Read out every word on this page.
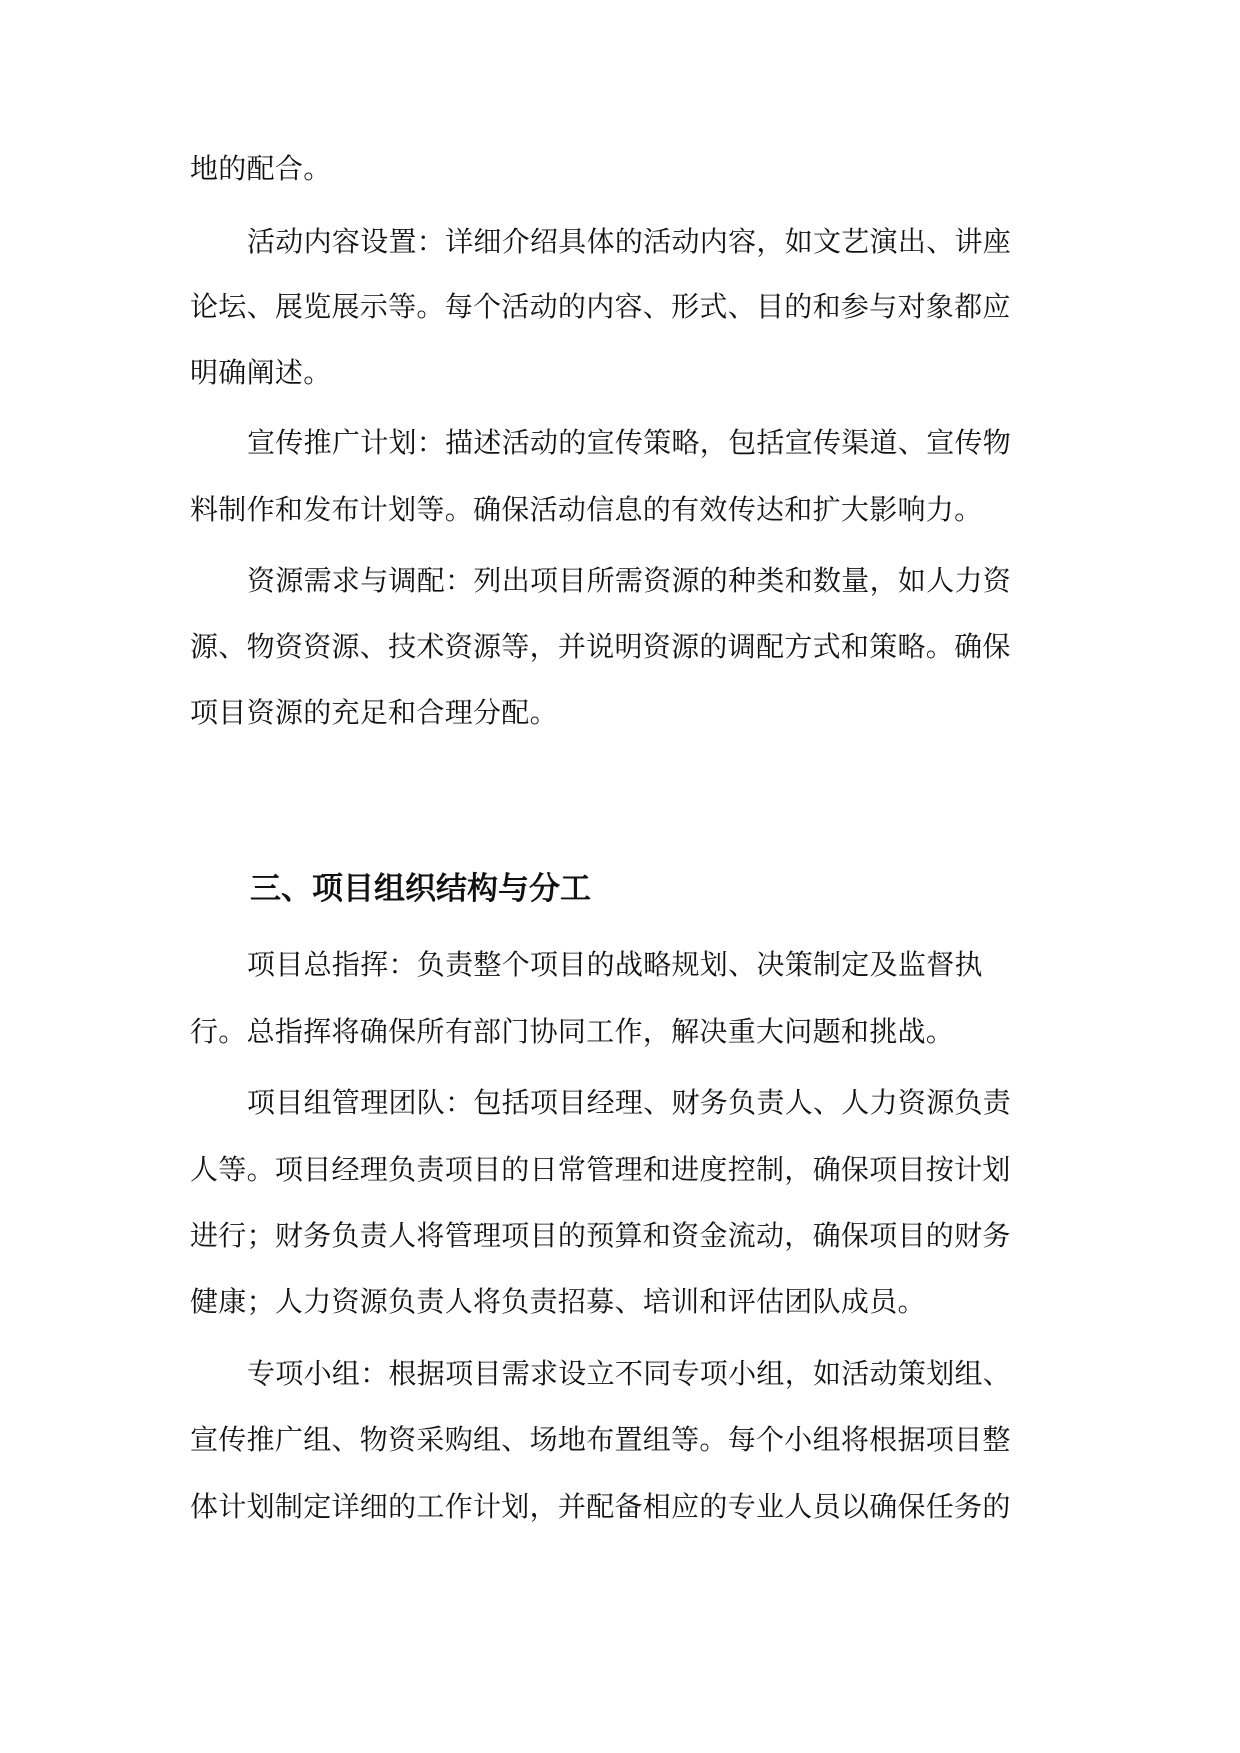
地的配合。

活动内容设置：详细介绍具体的活动内容，如文艺演出、讲座

论坛、展览展示等。每个活动的内容、形式、目的和参与对象都应

明确阐述。

宣传推广计划：描述活动的宣传策略，包括宣传渠道、宣传物

料制作和发布计划等。确保活动信息的有效传达和扩大影响力。

资源需求与调配：列出项目所需资源的种类和数量，如人力资

源、物资资源、技术资源等，并说明资源的调配方式和策略。确保

项目资源的充足和合理分配。

三、项目组织结构与分工

项目总指挥：负责整个项目的战略规划、决策制定及监督执

行。总指挥将确保所有部门协同工作，解决重大问题和挑战。

项目组管理团队：包括项目经理、财务负责人、人力资源负责

人等。项目经理负责项目的日常管理和进度控制，确保项目按计划

进行；财务负责人将管理项目的预算和资金流动，确保项目的财务

健康；人力资源负责人将负责招募、培训和评估团队成员。

专项小组：根据项目需求设立不同专项小组，如活动策划组、

宣传推广组、物资采购组、场地布置组等。每个小组将根据项目整

体计划制定详细的工作计划，并配备相应的专业人员以确保任务的
